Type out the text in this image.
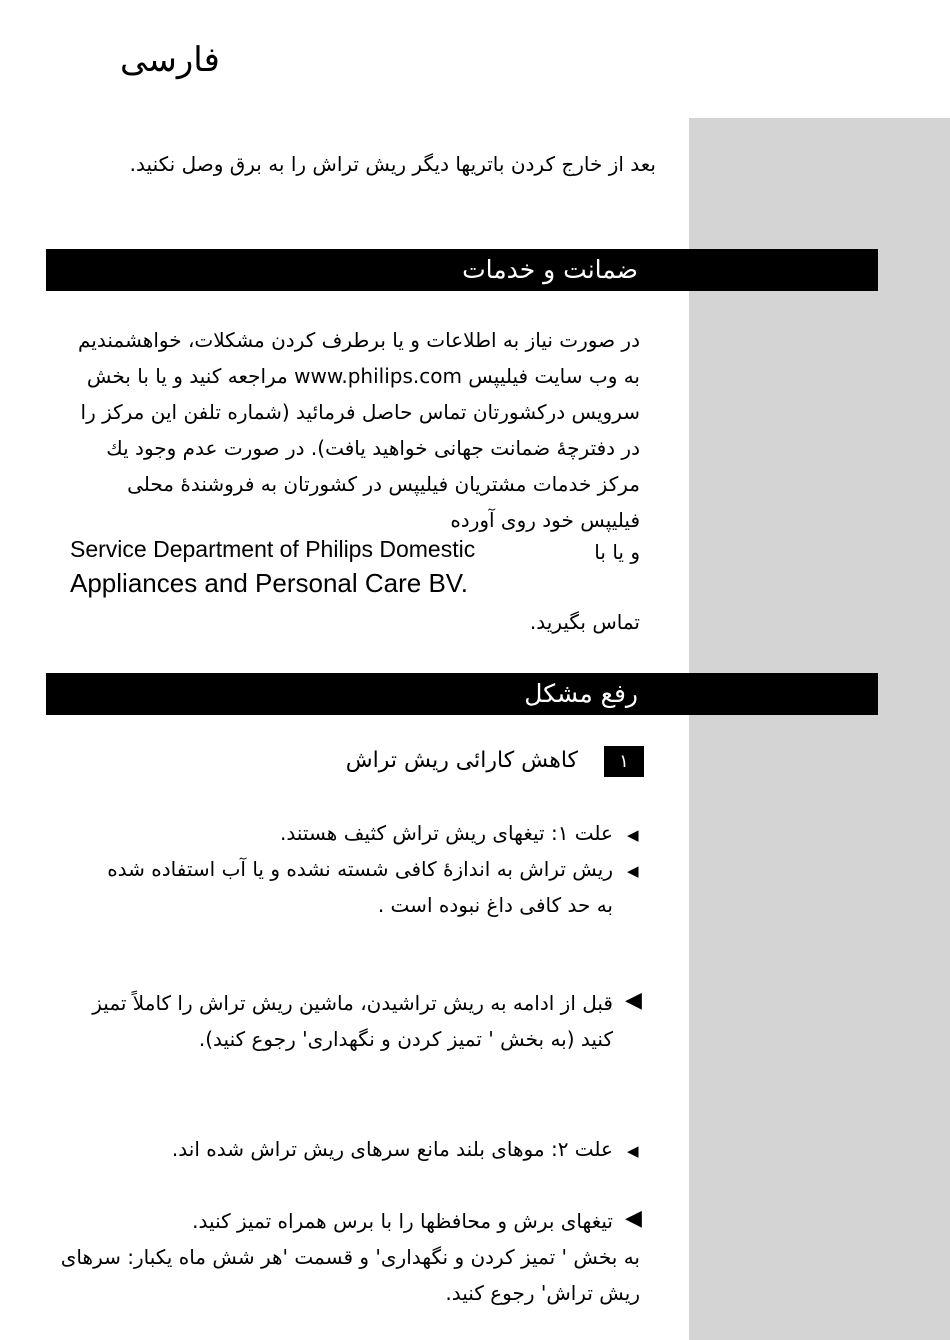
فارسی

بعد از خارج کردن باتریها دیگر ریش تراش را به برق وصل نکنید.

ضمانت و خدمات

در صورت نیاز به اطلاعات و یا برطرف کردن مشکلات، خواهشمندیم به وب سایت فیلیپس www.philips.com مراجعه کنید و یا با بخش سرویس درکشورتان تماس حاصل فرمائید (شماره تلفن این مرکز را در دفترچهٔ ضمانت جهانی خواهید یافت). در صورت عدم وجود یك مرکز خدمات مشتریان فیلیپس در کشورتان به فروشندهٔ محلی فیلیپس خود روی آورده

و یا با

Service Department of Philips Domestic

Appliances and Personal Care BV.

تماس بگیرید.

رفع مشکل
۱

کاهش کارائی ریش تراش

◀

علت ۱: تیغهای ریش تراش کثیف هستند.

◀

ریش تراش به اندازهٔ کافی شسته نشده و یا آب استفاده شده به حد کافی داغ نبوده است .

◀

قبل از ادامه به ریش تراشیدن، ماشین ریش تراش را کاملاً تمیز کنید (به بخش ' تمیز کردن و نگهداری' رجوع کنید).

◀

علت ۲: موهای بلند مانع سرهای ریش تراش شده اند.

◀

تیغهای برش و محافظها را با برس همراه تمیز کنید.

به بخش ' تمیز کردن و نگهداری' و قسمت 'هر شش ماه یکبار: سرهای ریش تراش' رجوع کنید.
